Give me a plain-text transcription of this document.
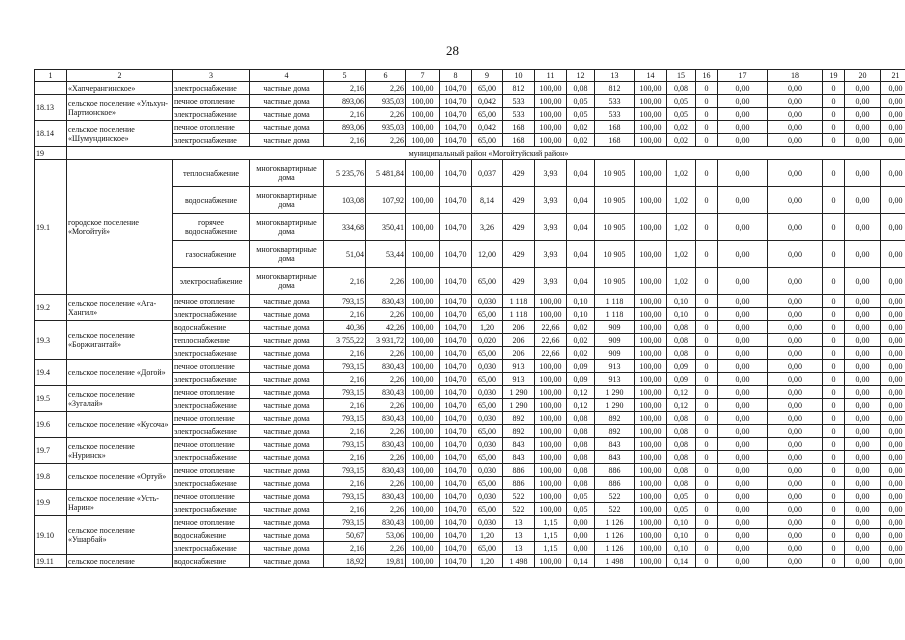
28
1	2	3	4	5	6	7	8	9	10	11	12	13	14	15	16	17	18	19	20	21
	«Хапчерангинское»	электроснабжение	частные дома	2,16	2,26	100,00	104,70	65,00	812	100,00	0,08	812	100,00	0,08	0	0,00	0,00	0	0,00	0,00
18.13	сельское поселение «Ульхун-Партионское»	печное отопление	частные дома	893,06	935,03	100,00	104,70	0,042	533	100,00	0,05	533	100,00	0,05	0	0,00	0,00	0	0,00	0,00
		электроснабжение	частные дома	2,16	2,26	100,00	104,70	65,00	533	100,00	0,05	533	100,00	0,05	0	0,00	0,00	0	0,00	0,00
18.14	сельское поселение «Шумундинское»	печное отопление	частные дома	893,06	935,03	100,00	104,70	0,042	168	100,00	0,02	168	100,00	0,02	0	0,00	0,00	0	0,00	0,00
		электроснабжение	частные дома	2,16	2,26	100,00	104,70	65,00	168	100,00	0,02	168	100,00	0,02	0	0,00	0,00	0	0,00	0,00
19	муниципальный район «Могойтуйский район»																			
19.1	городское поселение «Могойтуй»	теплоснабжение	многоквартирные дома	5 235,76	5 481,84	100,00	104,70	0,037	429	3,93	0,04	10 905	100,00	1,02	0	0,00	0,00	0	0,00	0,00
		водоснабжение	многоквартирные дома	103,08	107,92	100,00	104,70	8,14	429	3,93	0,04	10 905	100,00	1,02	0	0,00	0,00	0	0,00	0,00
		горячее водоснабжение	многоквартирные дома	334,68	350,41	100,00	104,70	3,26	429	3,93	0,04	10 905	100,00	1,02	0	0,00	0,00	0	0,00	0,00
		газоснабжение	многоквартирные дома	51,04	53,44	100,00	104,70	12,00	429	3,93	0,04	10 905	100,00	1,02	0	0,00	0,00	0	0,00	0,00
		электроснабжение	многоквартирные дома	2,16	2,26	100,00	104,70	65,00	429	3,93	0,04	10 905	100,00	1,02	0	0,00	0,00	0	0,00	0,00
19.2	сельское поселение «Ага-Хангил»	печное отопление	частные дома	793,15	830,43	100,00	104,70	0,030	1 118	100,00	0,10	1 118	100,00	0,10	0	0,00	0,00	0	0,00	0,00
		электроснабжение	частные дома	2,16	2,26	100,00	104,70	65,00	1 118	100,00	0,10	1 118	100,00	0,10	0	0,00	0,00	0	0,00	0,00
19.3	сельское поселение «Боржигантай»	водоснабжение	частные дома	40,36	42,26	100,00	104,70	1,20	206	22,66	0,02	909	100,00	0,08	0	0,00	0,00	0	0,00	0,00
		теплоснабжение	частные дома	3 755,22	3 931,72	100,00	104,70	0,020	206	22,66	0,02	909	100,00	0,08	0	0,00	0,00	0	0,00	0,00
		электроснабжение	частные дома	2,16	2,26	100,00	104,70	65,00	206	22,66	0,02	909	100,00	0,08	0	0,00	0,00	0	0,00	0,00
19.4	сельское поселение «Догой»	печное отопление	частные дома	793,15	830,43	100,00	104,70	0,030	913	100,00	0,09	913	100,00	0,09	0	0,00	0,00	0	0,00	0,00
		электроснабжение	частные дома	2,16	2,26	100,00	104,70	65,00	913	100,00	0,09	913	100,00	0,09	0	0,00	0,00	0	0,00	0,00
19.5	сельское поселение «Зугалай»	печное отопление	частные дома	793,15	830,43	100,00	104,70	0,030	1 290	100,00	0,12	1 290	100,00	0,12	0	0,00	0,00	0	0,00	0,00
		электроснабжение	частные дома	2,16	2,26	100,00	104,70	65,00	1 290	100,00	0,12	1 290	100,00	0,12	0	0,00	0,00	0	0,00	0,00
19.6	сельское поселение «Кусоча»	печное отопление	частные дома	793,15	830,43	100,00	104,70	0,030	892	100,00	0,08	892	100,00	0,08	0	0,00	0,00	0	0,00	0,00
		электроснабжение	частные дома	2,16	2,26	100,00	104,70	65,00	892	100,00	0,08	892	100,00	0,08	0	0,00	0,00	0	0,00	0,00
19.7	сельское поселение «Нуринск»	печное отопление	частные дома	793,15	830,43	100,00	104,70	0,030	843	100,00	0,08	843	100,00	0,08	0	0,00	0,00	0	0,00	0,00
		электроснабжение	частные дома	2,16	2,26	100,00	104,70	65,00	843	100,00	0,08	843	100,00	0,08	0	0,00	0,00	0	0,00	0,00
19.8	сельское поселение «Ортуй»	печное отопление	частные дома	793,15	830,43	100,00	104,70	0,030	886	100,00	0,08	886	100,00	0,08	0	0,00	0,00	0	0,00	0,00
		электроснабжение	частные дома	2,16	2,26	100,00	104,70	65,00	886	100,00	0,08	886	100,00	0,08	0	0,00	0,00	0	0,00	0,00
19.9	сельское поселение «Усть-Нарин»	печное отопление	частные дома	793,15	830,43	100,00	104,70	0,030	522	100,00	0,05	522	100,00	0,05	0	0,00	0,00	0	0,00	0,00
		электроснабжение	частные дома	2,16	2,26	100,00	104,70	65,00	522	100,00	0,05	522	100,00	0,05	0	0,00	0,00	0	0,00	0,00
19.10	сельское поселение «Ушарбай»	печное отопление	частные дома	793,15	830,43	100,00	104,70	0,030	13	1,15	0,00	1 126	100,00	0,10	0	0,00	0,00	0	0,00	0,00
		водоснабжение	частные дома	50,67	53,06	100,00	104,70	1,20	13	1,15	0,00	1 126	100,00	0,10	0	0,00	0,00	0	0,00	0,00
		электроснабжение	частные дома	2,16	2,26	100,00	104,70	65,00	13	1,15	0,00	1 126	100,00	0,10	0	0,00	0,00	0	0,00	0,00
19.11	сельское поселение	водоснабжение	частные дома	18,92	19,81	100,00	104,70	1,20	1 498	100,00	0,14	1 498	100,00	0,14	0	0,00	0,00	0	0,00	0,00
